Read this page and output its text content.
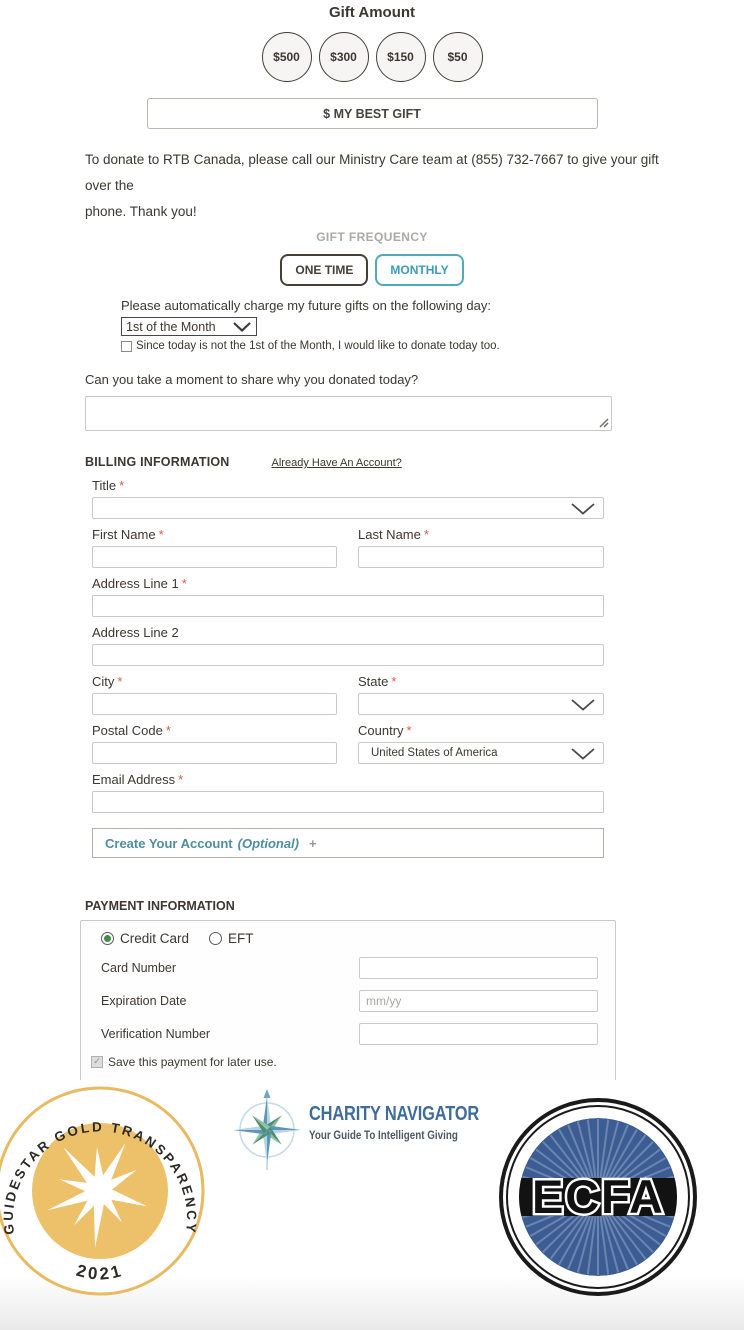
Gift Amount
$500	$300	$150	$50
$ MY BEST GIFT
To donate to RTB Canada, please call our Ministry Care team at (855) 732-7667 to give your gift over the
phone. Thank you!
GIFT FREQUENCY
ONE TIME	MONTHLY
Please automatically charge my future gifts on the following day:
1st of the Month
Since today is not the 1st of the Month, I would like to donate today too.
Can you take a moment to share why you donated today?
BILLING INFORMATION	Already Have An Account?
Title *
First Name *	Last Name *
Address Line 1 *
Address Line 2
City *	State *
Postal Code *	Country *
United States of America
Email Address *
Create Your Account (Optional) +
PAYMENT INFORMATION
Credit Card	EFT
Card Number
Expiration Date
mm/yy
Verification Number
✓ Save this payment for later use.
GUIDESTAR GOLD TRANSPARENCY
2021
CHARITY NAVIGATOR
Your Guide To Intelligent Giving
ECFA
